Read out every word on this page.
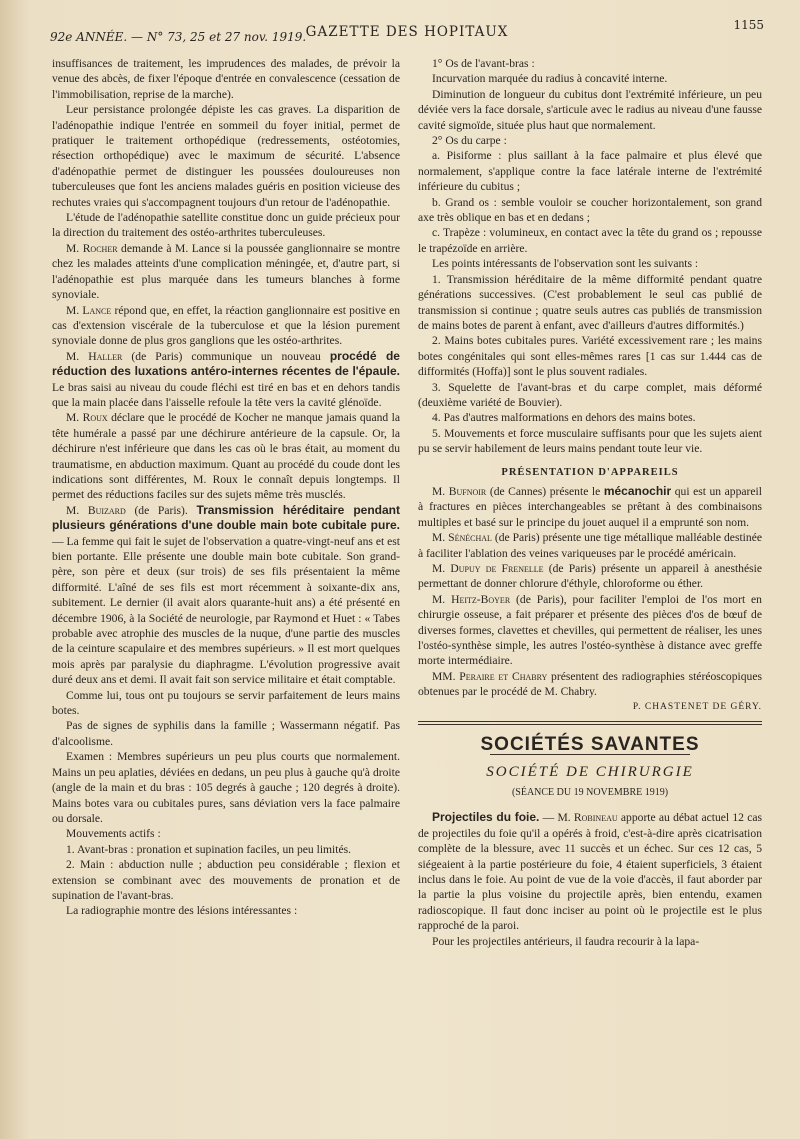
92e ANNÉE. — N° 73, 25 et 27 nov. 1919. GAZETTE DES HOPITAUX	1155

insuffisances de traitement, les imprudences des malades, de prévoir la venue des abcès, de fixer l'époque d'entrée en convalescence (cessation de l'immobilisation, reprise de la marche).

Leur persistance prolongée dépiste les cas graves. La disparition de l'adénopathie indique l'entrée en sommeil du foyer initial, permet de pratiquer le traitement orthopédique (redressements, ostéotomies, résection orthopédique) avec le maximum de sécurité. L'absence d'adénopathie permet de distinguer les poussées douloureuses non tuberculeuses que font les anciens malades guéris en position vicieuse des rechutes vraies qui s'accompagnent toujours d'un retour de l'adénopathie.

L'étude de l'adénopathie satellite constitue donc un guide précieux pour la direction du traitement des ostéo-arthrites tuberculeuses.

M. Rocher demande à M. Lance si la poussée ganglionnaire se montre chez les malades atteints d'une complication méningée, et, d'autre part, si l'adénopathie est plus marquée dans les tumeurs blanches à forme synoviale.

M. Lance répond que, en effet, la réaction ganglionnaire est positive en cas d'extension viscérale de la tuberculose et que la lésion purement synoviale donne de plus gros ganglions que les ostéo-arthrites.

M. Haller (de Paris) communique un nouveau procédé de réduction des luxations antéro-internes récentes de l'épaule. Le bras saisi au niveau du coude fléchi est tiré en bas et en dehors tandis que la main placée dans l'aisselle refoule la tête vers la cavité glénoïde.

M. Roux déclare que le procédé de Kocher ne manque jamais quand la tête humérale a passé par une déchirure antérieure de la capsule. Or, la déchirure n'est inférieure que dans les cas où le bras était, au moment du traumatisme, en abduction maximum. Quant au procédé du coude dont les indications sont différentes, M. Roux le connaît depuis longtemps. Il permet des réductions faciles sur des sujets même très musclés.

M. Buizard (de Paris). Transmission héréditaire pendant plusieurs générations d'une double main bote cubitale pure. — La femme qui fait le sujet de l'observation a quatre-vingt-neuf ans et est bien portante. Elle présente une double main bote cubitale. Son grand-père, son père et deux (sur trois) de ses fils présentaient la même difformité. L'aîné de ses fils est mort récemment à soixante-dix ans, subitement. Le dernier (il avait alors quarante-huit ans) a été présenté en décembre 1906, à la Société de neurologie, par Raymond et Huet : « Tabes probable avec atrophie des muscles de la nuque, d'une partie des muscles de la ceinture scapulaire et des membres supérieurs. » Il est mort quelques mois après par paralysie du diaphragme. L'évolution progressive avait duré deux ans et demi. Il avait fait son service militaire et était comptable.

Comme lui, tous ont pu toujours se servir parfaitement de leurs mains botes.

Pas de signes de syphilis dans la famille ; Wassermann négatif. Pas d'alcoolisme.

Examen : Membres supérieurs un peu plus courts que normalement. Mains un peu aplaties, déviées en dedans, un peu plus à gauche qu'à droite (angle de la main et du bras : 105 degrés à gauche ; 120 degrés à droite). Mains botes vara ou cubitales pures, sans déviation vers la face palmaire ou dorsale.

Mouvements actifs :

1. Avant-bras : pronation et supination faciles, un peu limités.

2. Main : abduction nulle ; abduction peu considérable ; flexion et extension se combinant avec des mouvements de pronation et de supination de l'avant-bras.

La radiographie montre des lésions intéressantes :

1° Os de l'avant-bras :

Incurvation marquée du radius à concavité interne.

Diminution de longueur du cubitus dont l'extrémité inférieure, un peu déviée vers la face dorsale, s'articule avec le radius au niveau d'une fausse cavité sigmoïde, située plus haut que normalement.

2° Os du carpe :

a. Pisiforme : plus saillant à la face palmaire et plus élevé que normalement, s'applique contre la face latérale interne de l'extrémité inférieure du cubitus ;

b. Grand os : semble vouloir se coucher horizontalement, son grand axe très oblique en bas et en dedans ;

c. Trapèze : volumineux, en contact avec la tête du grand os ; repousse le trapézoïde en arrière.

Les points intéressants de l'observation sont les suivants :

1. Transmission héréditaire de la même difformité pendant quatre générations successives. (C'est probablement le seul cas publié de transmission si continue ; quatre seuls autres cas publiés de transmission de mains botes de parent à enfant, avec d'ailleurs d'autres difformités.)

2. Mains botes cubitales pures. Variété excessivement rare ; les mains botes congénitales qui sont elles-mêmes rares [1 cas sur 1.444 cas de difformités (Hoffa)] sont le plus souvent radiales.

3. Squelette de l'avant-bras et du carpe complet, mais déformé (deuxième variété de Bouvier).

4. Pas d'autres malformations en dehors des mains botes.

5. Mouvements et force musculaire suffisants pour que les sujets aient pu se servir habilement de leurs mains pendant toute leur vie.

PRÉSENTATION D'APPAREILS

M. Bufnoir (de Cannes) présente le mécanochir qui est un appareil à fractures en pièces interchangeables se prêtant à des combinaisons multiples et basé sur le principe du jouet auquel il a emprunté son nom.

M. Sénéchal (de Paris) présente une tige métallique malléable destinée à faciliter l'ablation des veines variqueuses par le procédé américain.

M. Dupuy de Frenelle (de Paris) présente un appareil à anesthésie permettant de donner chlorure d'éthyle, chloroforme ou éther.

M. Heitz-Boyer (de Paris), pour faciliter l'emploi de l'os mort en chirurgie osseuse, a fait préparer et présente des pièces d'os de bœuf de diverses formes, clavettes et chevilles, qui permettent de réaliser, les unes l'ostéo-synthèse simple, les autres l'ostéo-synthèse à distance avec greffe morte intermédiaire.

MM. Peraire et Chabry présentent des radiographies stéréoscopiques obtenues par le procédé de M. Chabry.

P. CHASTENET DE GÉRY.

SOCIÉTÉS SAVANTES

SOCIÉTÉ DE CHIRURGIE

(SÉANCE DU 19 NOVEMBRE 1919)

Projectiles du foie. — M. Robineau apporte au débat actuel 12 cas de projectiles du foie qu'il a opérés à froid, c'est-à-dire après cicatrisation complète de la blessure, avec 11 succès et un échec. Sur ces 12 cas, 5 siégeaient à la partie postérieure du foie, 4 étaient superficiels, 3 étaient inclus dans le foie. Au point de vue de la voie d'accès, il faut aborder par la partie la plus voisine du projectile après, bien entendu, examen radioscopique. Il faut donc inciser au point où le projectile est le plus rapproché de la paroi.

Pour les projectiles antérieurs, il faudra recourir à la lapa-
